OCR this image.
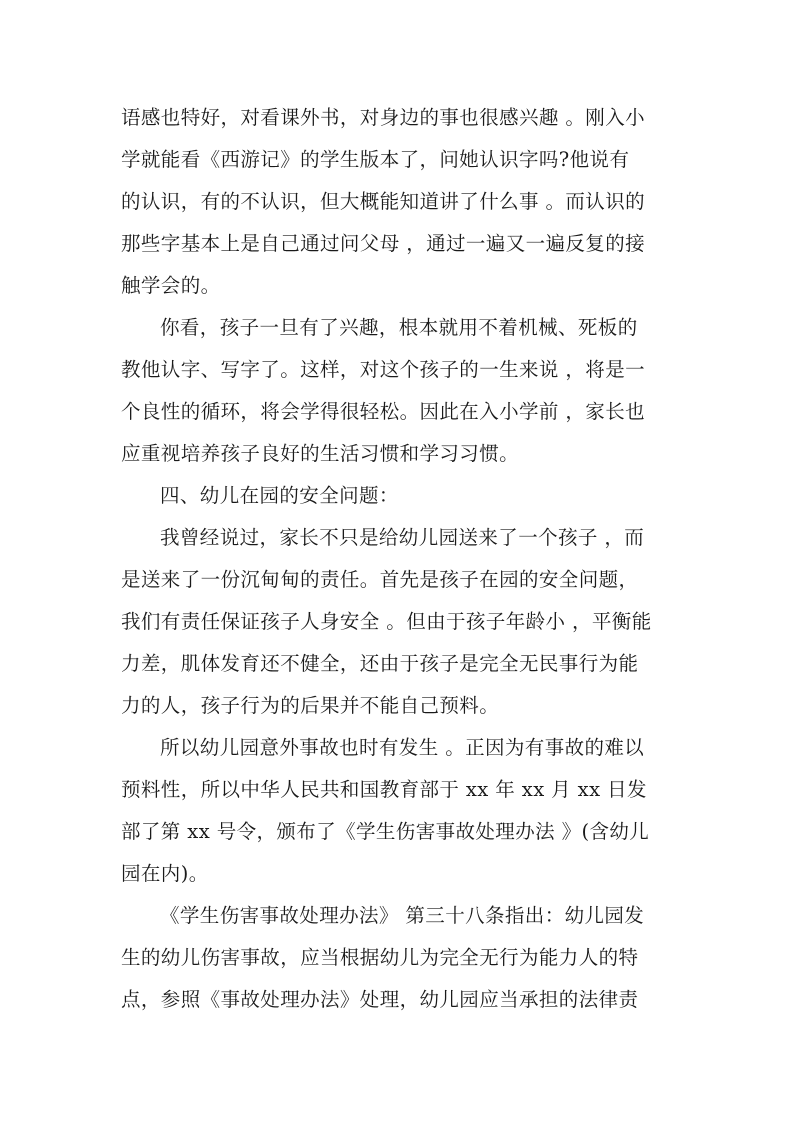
语感也特好，对看课外书，对身边的事也很感兴趣 。刚入小
学就能看《西游记》的学生版本了，问她认识字吗?他说有
的认识，有的不认识，但大概能知道讲了什么事 。而认识的
那些字基本上是自己通过问父母 ，通过一遍又一遍反复的接
触学会的。
你看，孩子一旦有了兴趣，根本就用不着机械、死板的
教他认字、写字了。这样，对这个孩子的一生来说 ，将是一
个良性的循环，将会学得很轻松。因此在入小学前 ，家长也
应重视培养孩子良好的生活习惯和学习习惯。
四、幼儿在园的安全问题：
我曾经说过，家长不只是给幼儿园送来了一个孩子 ，而
是送来了一份沉甸甸的责任。首先是孩子在园的安全问题，
我们有责任保证孩子人身安全 。但由于孩子年龄小 ，平衡能
力差，肌体发育还不健全，还由于孩子是完全无民事行为能
力的人，孩子行为的后果并不能自己预料。
所以幼儿园意外事故也时有发生 。正因为有事故的难以
预料性，所以中华人民共和国教育部于 xx 年 xx 月 xx 日发
部了第 xx 号令，颁布了《学生伤害事故处理办法 》(含幼儿
园在内)。
《学生伤害事故处理办法》 第三十八条指出：幼儿园发
生的幼儿伤害事故，应当根据幼儿为完全无行为能力人的特
点，参照《事故处理办法》处理，幼儿园应当承担的法律责
